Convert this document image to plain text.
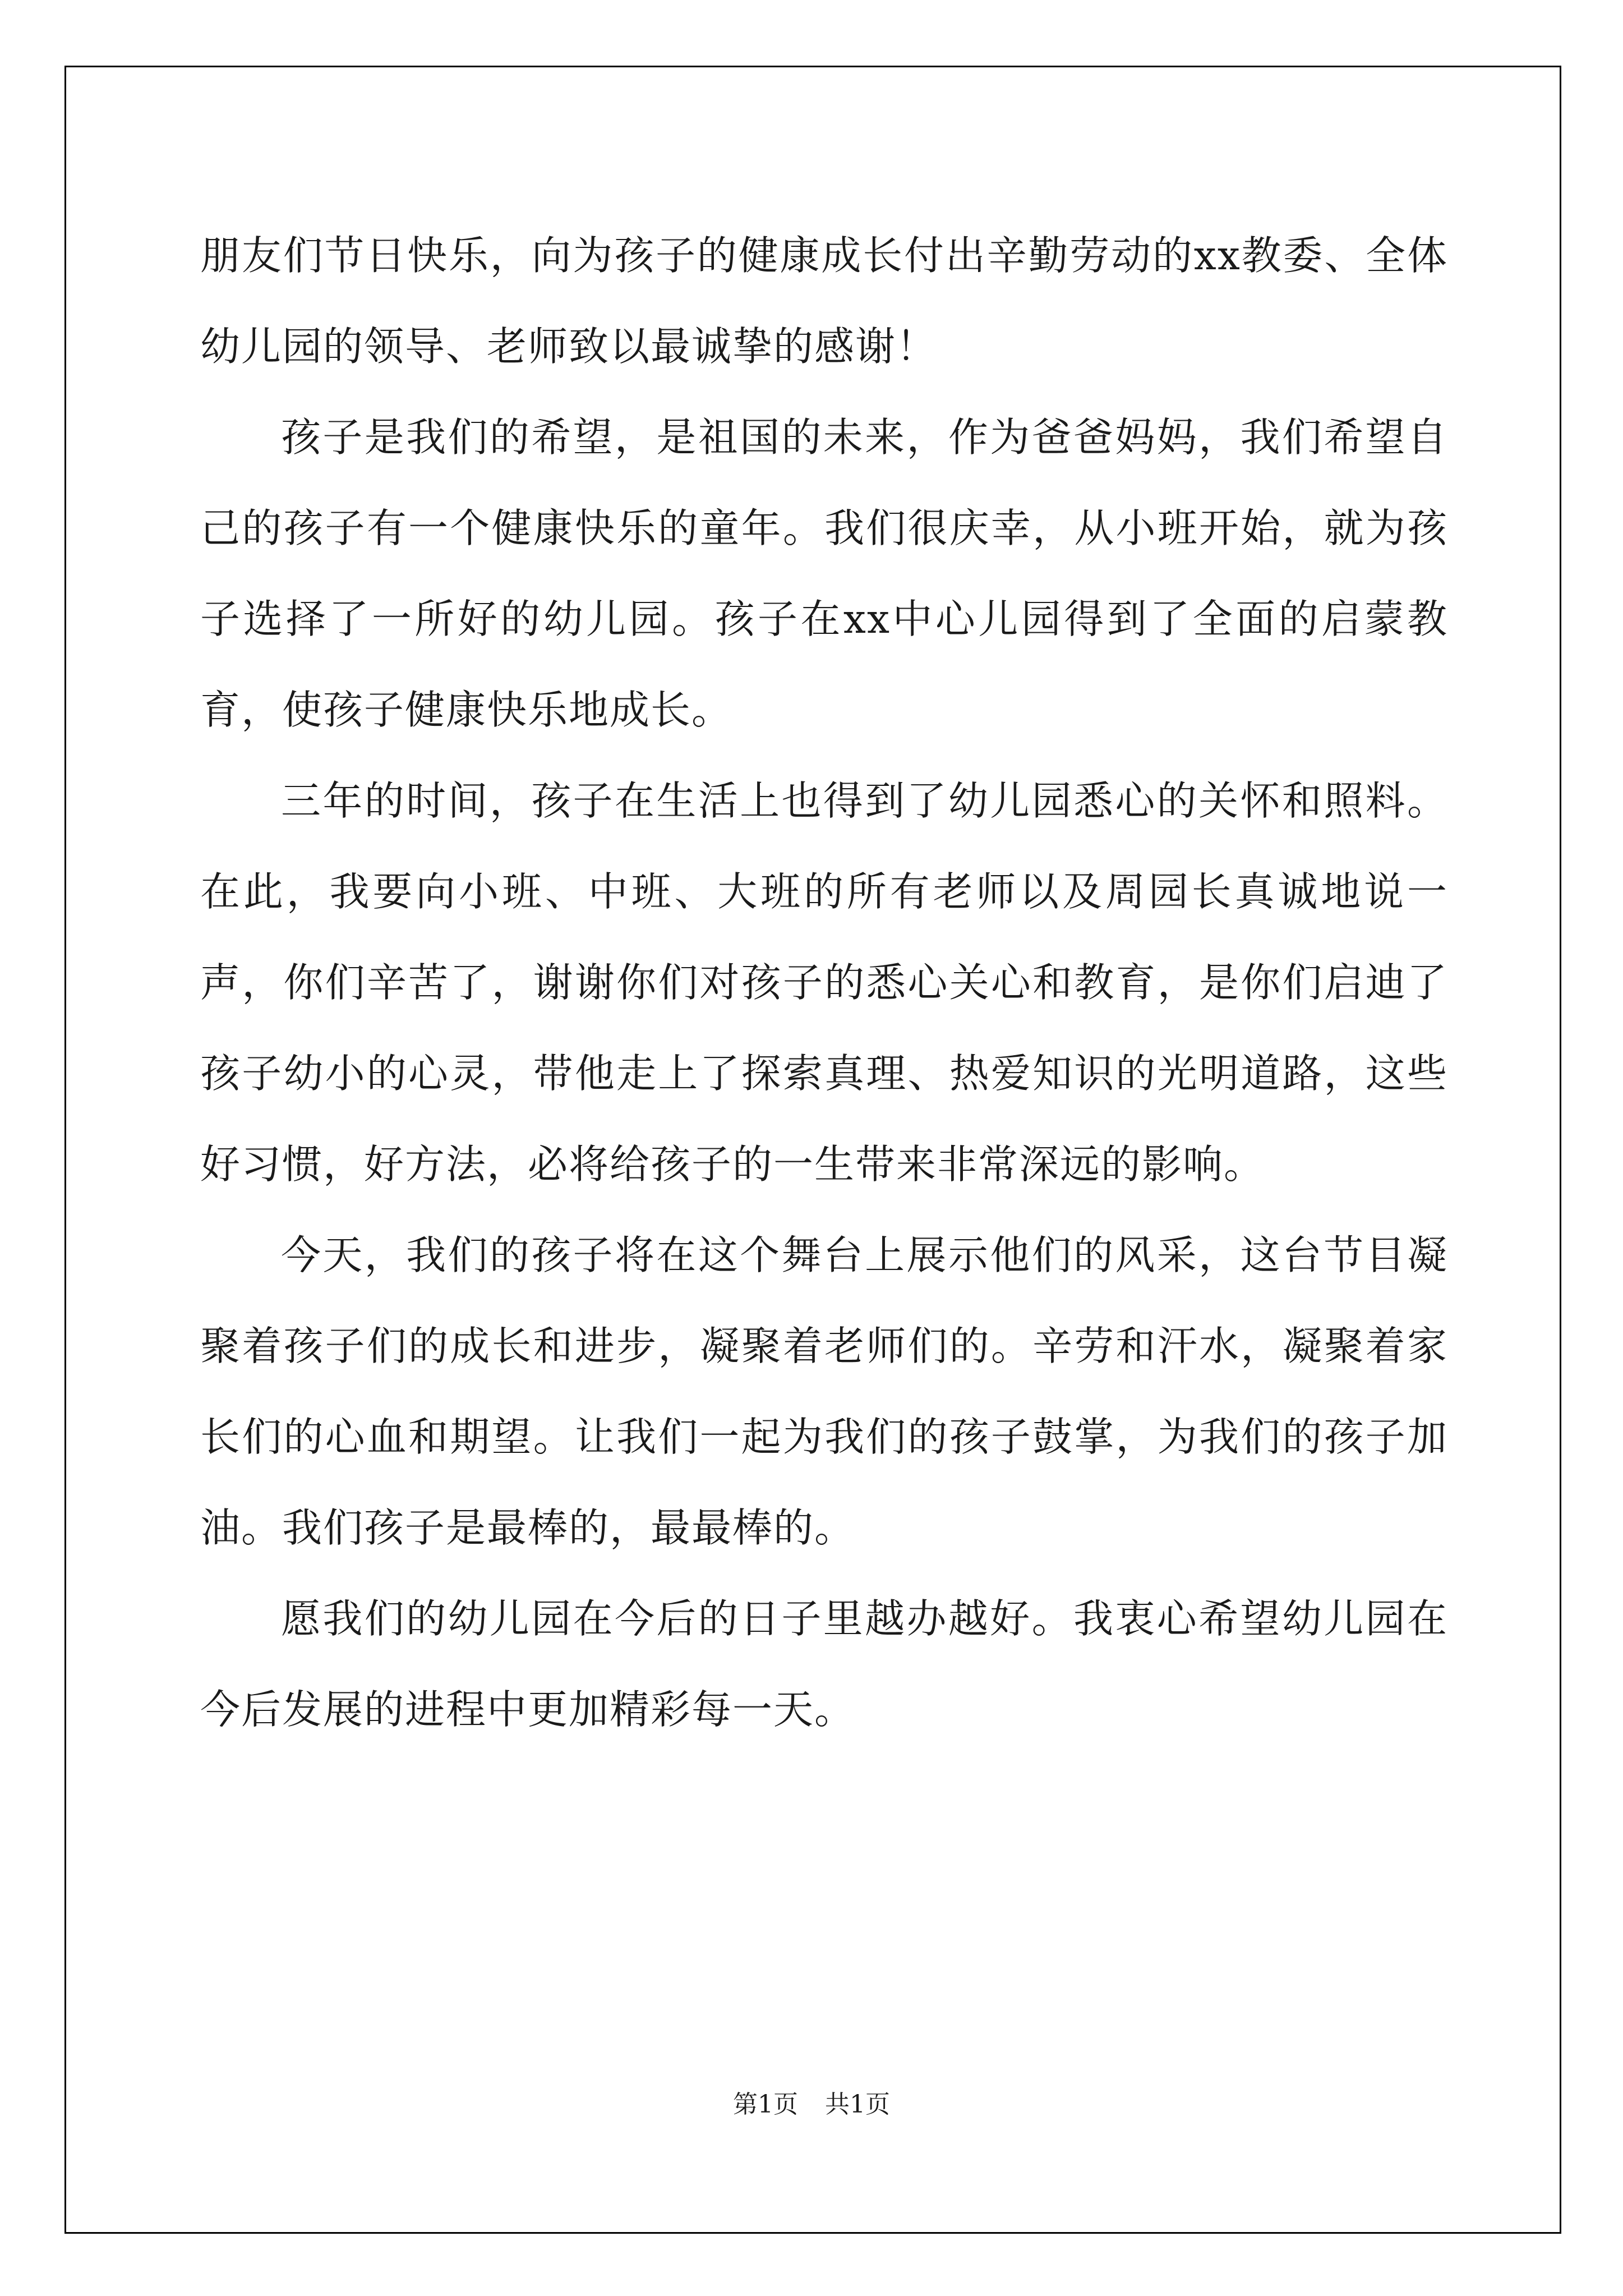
朋友们节日快乐，向为孩子的健康成长付出辛勤劳动的xx教委、全体幼儿园的领导、老师致以最诚挚的感谢！

孩子是我们的希望，是祖国的未来，作为爸爸妈妈，我们希望自己的孩子有一个健康快乐的童年。我们很庆幸，从小班开始，就为孩子选择了一所好的幼儿园。孩子在xx中心儿园得到了全面的启蒙教育，使孩子健康快乐地成长。

三年的时间，孩子在生活上也得到了幼儿园悉心的关怀和照料。在此，我要向小班、中班、大班的所有老师以及周园长真诚地说一声，你们辛苦了，谢谢你们对孩子的悉心关心和教育，是你们启迪了孩子幼小的心灵，带他走上了探索真理、热爱知识的光明道路，这些好习惯，好方法，必将给孩子的一生带来非常深远的影响。

今天，我们的孩子将在这个舞台上展示他们的风采，这台节目凝聚着孩子们的成长和进步，凝聚着老师们的。辛劳和汗水，凝聚着家长们的心血和期望。让我们一起为我们的孩子鼓掌，为我们的孩子加油。我们孩子是最棒的，最最棒的。

愿我们的幼儿园在今后的日子里越办越好。我衷心希望幼儿园在今后发展的进程中更加精彩每一天。

第1页 共1页
